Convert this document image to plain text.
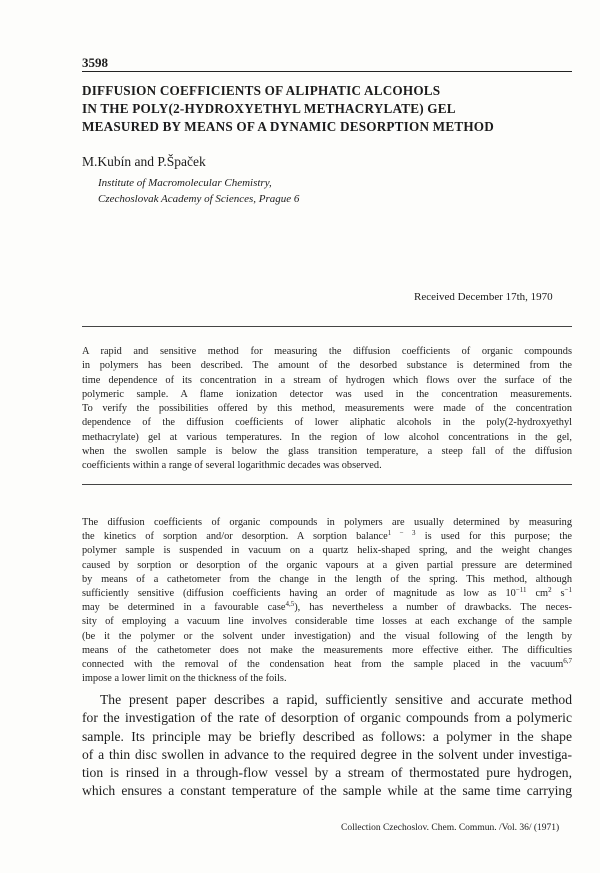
3598
DIFFUSION COEFFICIENTS OF ALIPHATIC ALCOHOLS
IN THE POLY(2-HYDROXYETHYL METHACRYLATE) GEL
MEASURED BY MEANS OF A DYNAMIC DESORPTION METHOD
M.Kubín and P.Špaček
Institute of Macromolecular Chemistry,
Czechoslovak Academy of Sciences, Prague 6
Received December 17th, 1970
A rapid and sensitive method for measuring the diffusion coefficients of organic compounds
in polymers has been described. The amount of the desorbed substance is determined from the
time dependence of its concentration in a stream of hydrogen which flows over the surface of the
polymeric sample. A flame ionization detector was used in the concentration measurements.
To verify the possibilities offered by this method, measurements were made of the concentration
dependence of the diffusion coefficients of lower aliphatic alcohols in the poly(2-hydroxyethyl
methacrylate) gel at various temperatures. In the region of low alcohol concentrations in the gel,
when the swollen sample is below the glass transition temperature, a steep fall of the diffusion
coefficients within a range of several logarithmic decades was observed.
The diffusion coefficients of organic compounds in polymers are usually determined by measuring
the kinetics of sorption and/or desorption. A sorption balance$^{1 - 3}$ is used for this purpose; the
polymer sample is suspended in vacuum on a quartz helix-shaped spring, and the weight changes
caused by sorption or desorption of the organic vapours at a given partial pressure are determined
by means of a cathetometer from the change in the length of the spring. This method, although
sufficiently sensitive (diffusion coefficients having an order of magnitude as low as $10^{-11}$ $cm^2$ $s^{-1}$
may be determined in a favourable case$^{4,5}$), has nevertheless a number of drawbacks. The neces-
sity of employing a vacuum line involves considerable time losses at each exchange of the sample
(be it the polymer or the solvent under investigation) and the visual following of the length by
means of the cathetometer does not make the measurements more effective either. The difficulties
connected with the removal of the condensation heat from the sample placed in the vacuum$^{6,7}$
impose a lower limit on the thickness of the foils.
The present paper describes a rapid, sufficiently sensitive and accurate method
for the investigation of the rate of desorption of organic compounds from a polymeric
sample. Its principle may be briefly described as follows: a polymer in the shape
of a thin disc swollen in advance to the required degree in the solvent under investiga-
tion is rinsed in a through-flow vessel by a stream of thermostated pure hydrogen,
which ensures a constant temperature of the sample while at the same time carrying
Collection Czechoslov. Chem. Commun. /Vol. 36/ (1971)
